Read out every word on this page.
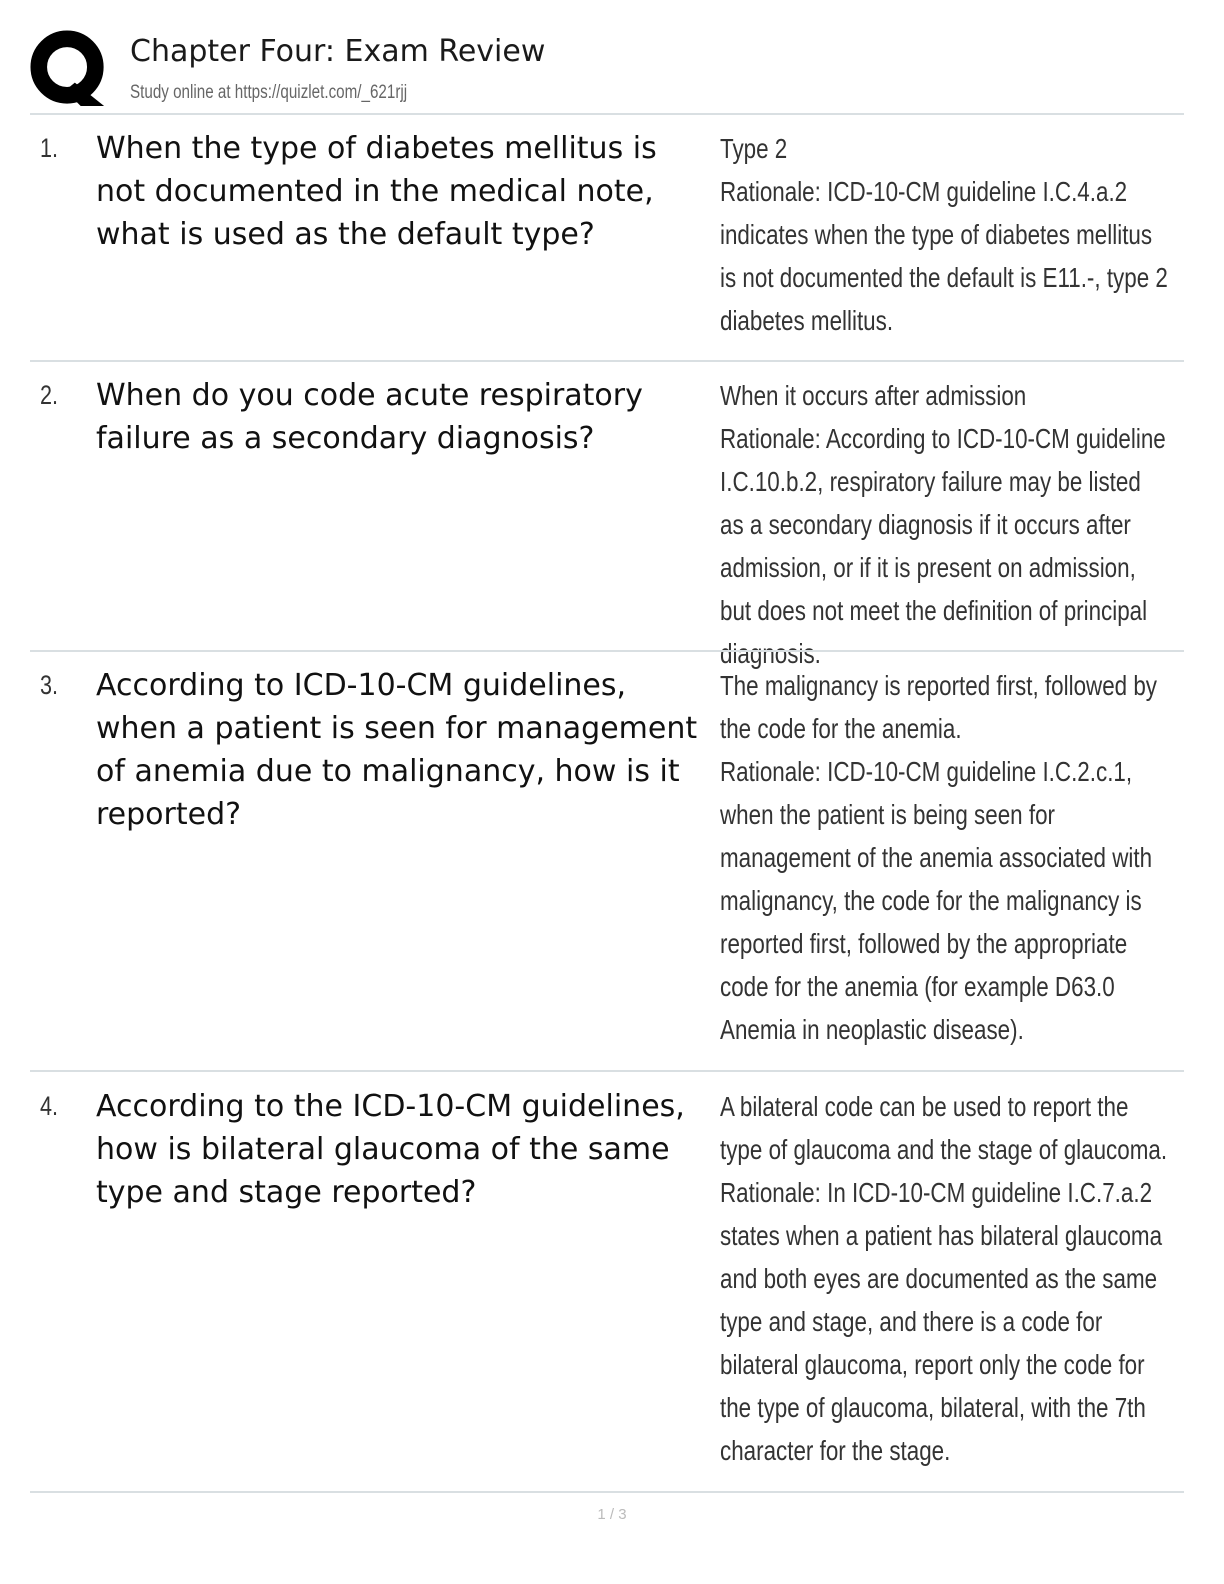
Chapter Four: Exam Review
Study online at https://quizlet.com/_621rjj
1. When the type of diabetes mellitus is not documented in the medical note, what is used as the default type?
Type 2
Rationale: ICD-10-CM guideline I.C.4.a.2 indicates when the type of diabetes mellitus is not documented the default is E11.-, type 2 diabetes mellitus.
2. When do you code acute respiratory failure as a secondary diagnosis?
When it occurs after admission
Rationale: According to ICD-10-CM guideline I.C.10.b.2, respiratory failure may be listed as a secondary diagnosis if it occurs after admission, or if it is present on admission, but does not meet the definition of principal diagnosis.
3. According to ICD-10-CM guidelines, when a patient is seen for management of anemia due to malignancy, how is it reported?
The malignancy is reported first, followed by the code for the anemia.
Rationale: ICD-10-CM guideline I.C.2.c.1, when the patient is being seen for management of the anemia associated with malignancy, the code for the malignancy is reported first, followed by the appropriate code for the anemia (for example D63.0 Anemia in neoplastic disease).
4. According to the ICD-10-CM guidelines, how is bilateral glaucoma of the same type and stage reported?
A bilateral code can be used to report the type of glaucoma and the stage of glaucoma.
Rationale: In ICD-10-CM guideline I.C.7.a.2 states when a patient has bilateral glaucoma and both eyes are documented as the same type and stage, and there is a code for bilateral glaucoma, report only the code for the type of glaucoma, bilateral, with the 7th character for the stage.
1 / 3
